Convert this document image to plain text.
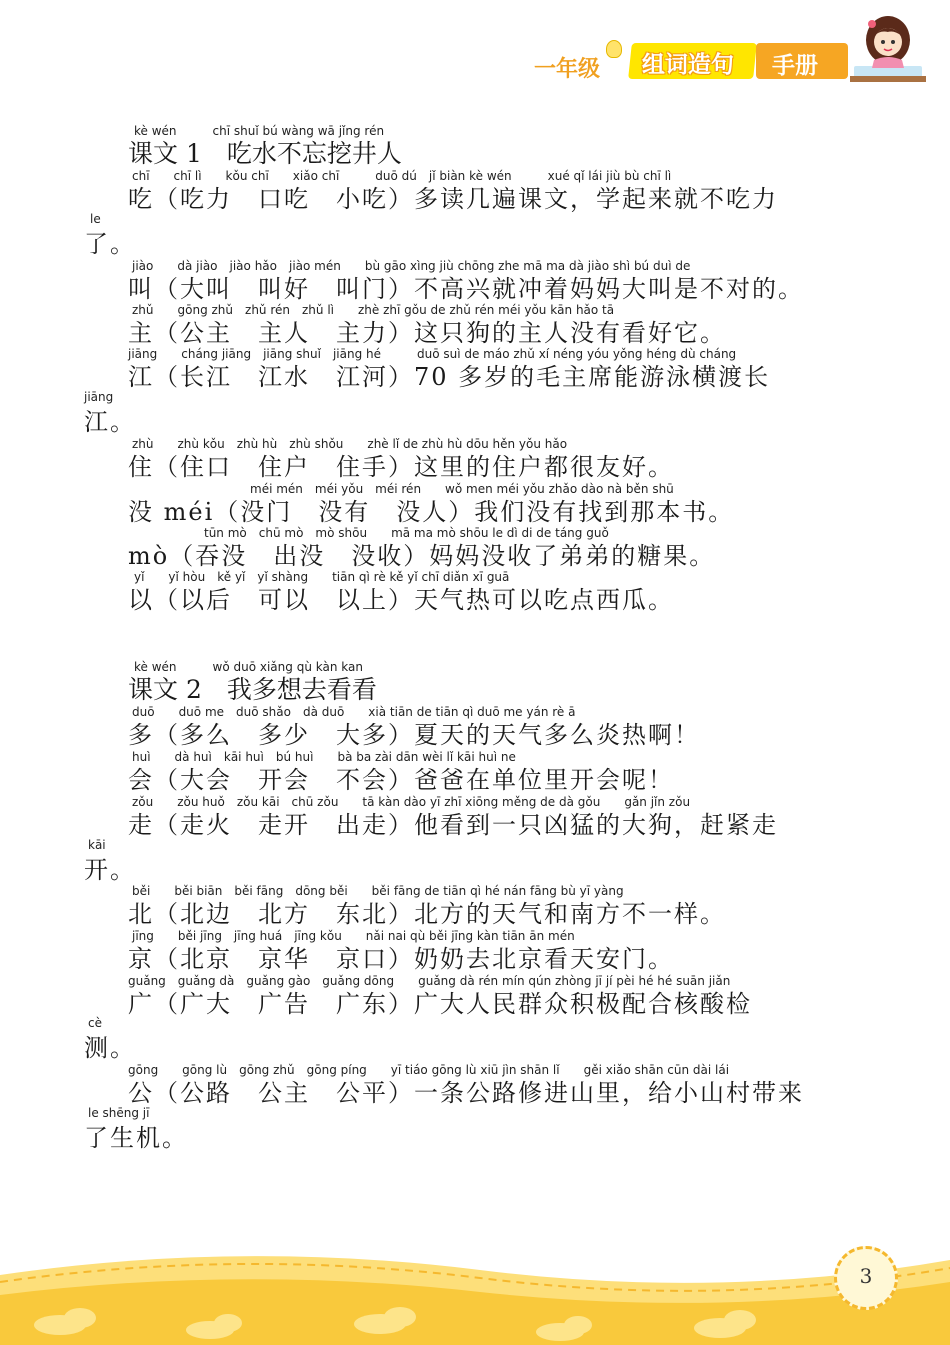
一年级 组词造句 手册
kè wén　　　chī shuǐ bú wàng wā jǐng rén
课文 1　吃水不忘挖井人
chī　　chī lì　　kǒu chī　　xiǎo chī　　　duō dú　jǐ biàn kè wén　　　xué qǐ lái jiù bù chī lì
吃（吃力　口吃　小吃）多读几遍课文，学起来就不吃力
le
了。
jiào　　dà jiào　jiào hǎo　jiào mén　　bù gāo xìng jiù chōng zhe mā ma dà jiào shì bú duì de
叫（大叫　叫好　叫门）不高兴就冲着妈妈大叫是不对的。
zhǔ　　gōng zhǔ　zhǔ rén　zhǔ lì　　zhè zhī gǒu de zhǔ rén méi yǒu kān hǎo tā
主（公主　主人　主力）这只狗的主人没有看好它。
jiāng　　cháng jiāng　jiāng shuǐ　jiāng hé　　　duō suì de máo zhǔ xí néng yóu yǒng héng dù cháng
江（长江　江水　江河）70 多岁的毛主席能游泳横渡长
jiāng
江。
zhù　　zhù kǒu　zhù hù　zhù shǒu　　zhè lǐ de zhù hù dōu hěn yǒu hǎo
住（住口　住户　住手）这里的住户都很友好。
méi mén　méi yǒu　méi rén　　wǒ men méi yǒu zhǎo dào nà běn shū
没 méi（没门　没有　没人）我们没有找到那本书。
tūn mò　chū mò　mò shōu　　mā ma mò shōu le dì di de táng guǒ
mò（吞没　出没　没收）妈妈没收了弟弟的糖果。
yǐ　　yǐ hòu　kě yǐ　yǐ shàng　　tiān qì rè kě yǐ chī diǎn xī guā
以（以后　可以　以上）天气热可以吃点西瓜。
kè wén　　　wǒ duō xiǎng qù kàn kan
课文 2　我多想去看看
duō　　duō me　duō shǎo　dà duō　　xià tiān de tiān qì duō me yán rè ā
多（多么　多少　大多）夏天的天气多么炎热啊！
huì　　dà huì　kāi huì　bú huì　　bà ba zài dān wèi lǐ kāi huì ne
会（大会　开会　不会）爸爸在单位里开会呢！
zǒu　　zǒu huǒ　zǒu kāi　chū zǒu　　tā kàn dào yī zhī xiōng měng de dà gǒu　　gǎn jǐn zǒu
走（走火　走开　出走）他看到一只凶猛的大狗，赶紧走
kāi
开。
běi　　běi biān　běi fāng　dōng běi　　běi fāng de tiān qì hé nán fāng bù yī yàng
北（北边　北方　东北）北方的天气和南方不一样。
jīng　　běi jīng　jīng huá　jīng kǒu　　nǎi nai qù běi jīng kàn tiān ān mén
京（北京　京华　京口）奶奶去北京看天安门。
guǎng　guǎng dà　guǎng gào　guǎng dōng　　guǎng dà rén mín qún zhòng jī jí pèi hé hé suān jiǎn
广（广大　广告　广东）广大人民群众积极配合核酸检
cè
测。
gōng　　gōng lù　gōng zhǔ　gōng píng　　yī tiáo gōng lù xiū jìn shān lǐ　　gěi xiǎo shān cūn dài lái
公（公路　公主　公平）一条公路修进山里，给小山村带来
le shēng jī
了生机。
3
